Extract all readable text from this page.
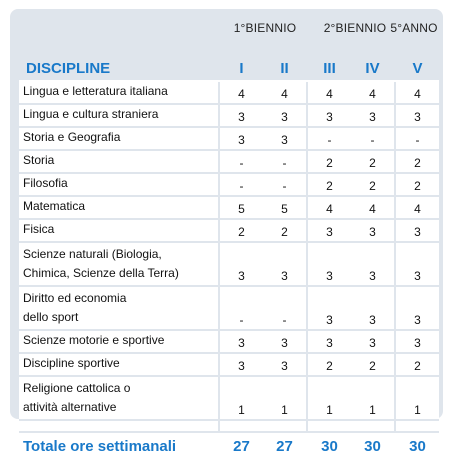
1°BIENNIO	2°BIENNIO 5°ANNO
DISCIPLINE		I	II		III	IV		V
Lingua e letteratura italiana		4	4		4	4		4
Lingua e cultura straniera		3	3		3	3		3
Storia e Geografia		3	3		-	-		-
Storia		-	-		2	2		2
Filosofia		-	-		2	2		2
Matematica		5	5		4	4		4
Fisica		2	2		3	3		3
Scienze naturali (Biologia,
Chimica, Scienze della Terra)		3	3		3	3		3
Diritto ed economia
dello sport		-	-		3	3		3
Scienze motorie e sportive		3	3		3	3		3
Discipline sportive		3	3		2	2		2
Religione cattolica o
attività alternative		1	1		1	1		1

Totale ore settimanali		27	27		30	30		30
